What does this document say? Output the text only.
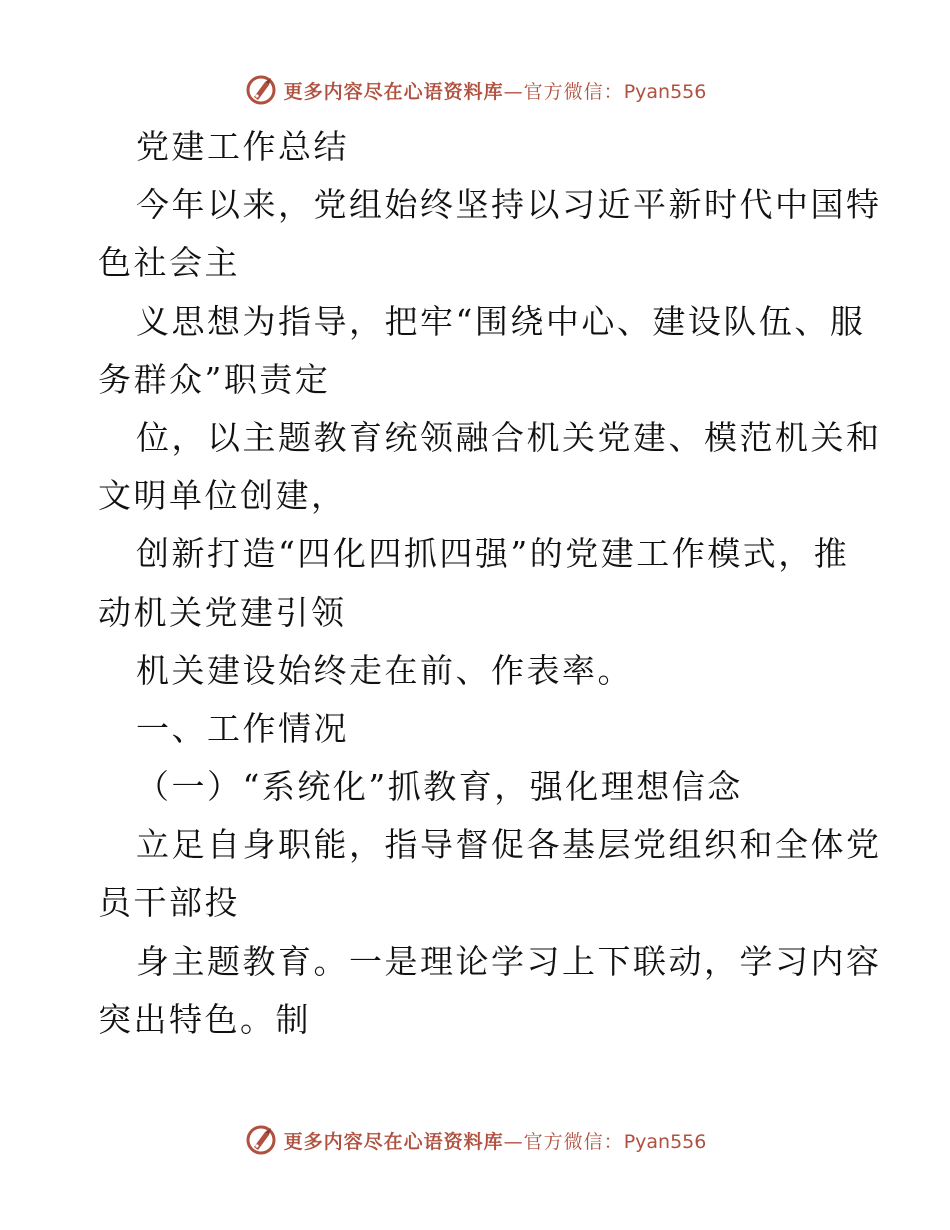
更多内容尽在心语资料库—官方微信：Pyan556
党建工作总结
今年以来，党组始终坚持以习近平新时代中国特
色社会主
义思想为指导，把牢“围绕中心、建设队伍、服
务群众”职责定
位，以主题教育统领融合机关党建、模范机关和
文明单位创建，
创新打造“四化四抓四强”的党建工作模式，推
动机关党建引领
机关建设始终走在前、作表率。
一、工作情况
（一）“系统化”抓教育，强化理想信念
立足自身职能，指导督促各基层党组织和全体党
员干部投
身主题教育。一是理论学习上下联动，学习内容
突出特色。制
更多内容尽在心语资料库—官方微信：Pyan556
